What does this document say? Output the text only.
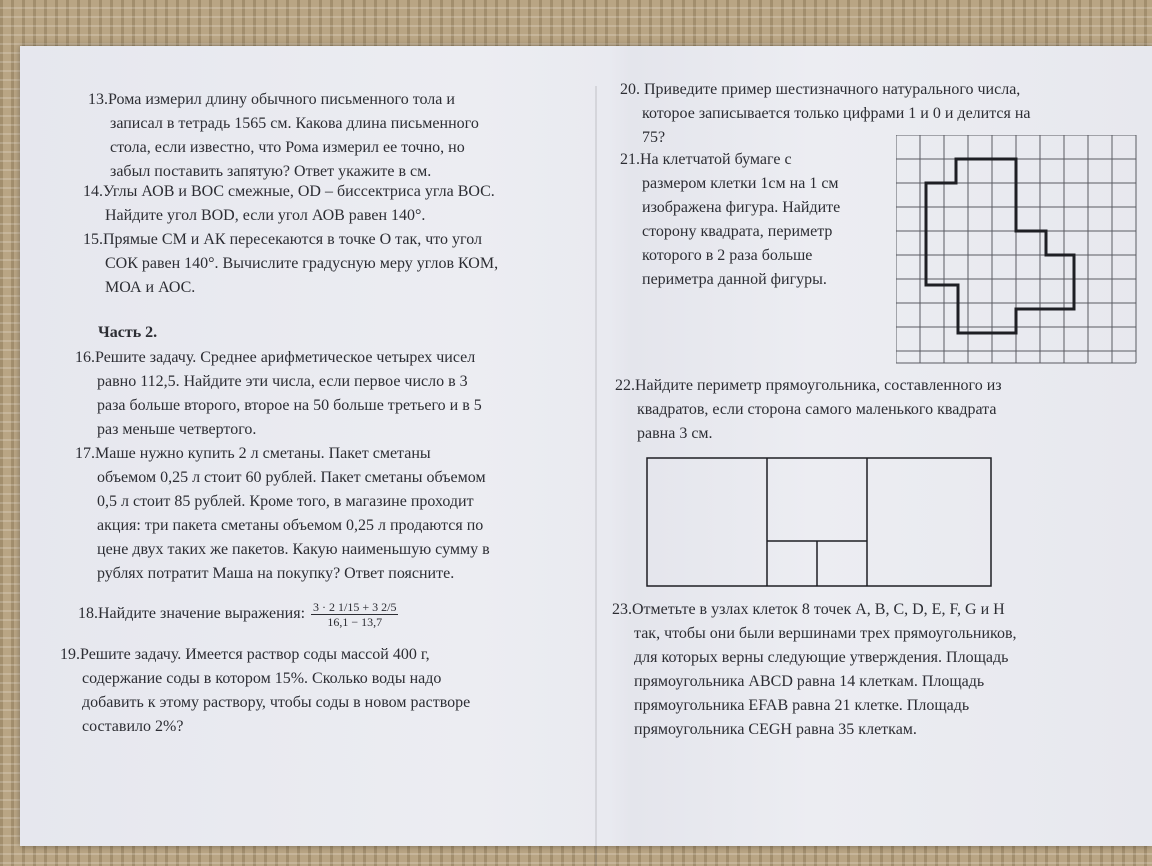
13.Рома измерил длину обычного письменного тола и

записал в тетрадь 1565 см. Какова длина письменного
стола, если известно, что Рома измерил ее точно, но
забыл поставить запятую? Ответ укажите в см.
14.Углы АОВ и ВОС смежные, OD – биссектриса угла ВОС.

Найдите угол BOD, если угол АОВ равен 140°.
15.Прямые СМ и АК пересекаются в точке О так, что угол

СОК равен 140°. Вычислите градусную меру углов КОМ,
МОА и АОС.
Часть 2.
16.Решите задачу. Среднее арифметическое четырех чисел

равно 112,5. Найдите эти числа, если первое число в 3
раза больше второго, второе на 50 больше третьего и в 5
раз меньше четвертого.
17.Маше нужно купить 2 л сметаны. Пакет сметаны

объемом 0,25 л стоит 60 рублей. Пакет сметаны объемом
0,5 л стоит 85 рублей. Кроме того, в магазине проходит
акция: три пакета сметаны объемом 0,25 л продаются по
цене двух таких же пакетов. Какую наименьшую сумму в
рублях потратит Маша на покупку? Ответ поясните.
18.Найдите значение выражения: $\frac{3 \cdot 2 1/15 + 3 2/5}{16,1 - 13,7}$
19.Решите задачу. Имеется раствор соды массой 400 г,

содержание соды в котором 15%. Сколько воды надо
добавить к этому раствору, чтобы соды в новом растворе
составило 2%?
20. Приведите пример шестизначного натурального числа,

которое записывается только цифрами 1 и 0 и делится на
75?
21.На клетчатой бумаге с

размером клетки 1см на 1 см
изображена фигура. Найдите
сторону квадрата, периметр
которого в 2 раза больше
периметра данной фигуры.
22.Найдите периметр прямоугольника, составленного из

квадратов, если сторона самого маленького квадрата
равна 3 см.
23.Отметьте в узлах клеток 8 точек A, B, C, D, E, F, G и H

так, чтобы они были вершинами трех прямоугольников,
для которых верны следующие утверждения. Площадь
прямоугольника ABCD равна 14 клеткам. Площадь
прямоугольника EFAB равна 21 клетке. Площадь
прямоугольника CEGH равна 35 клеткам.
